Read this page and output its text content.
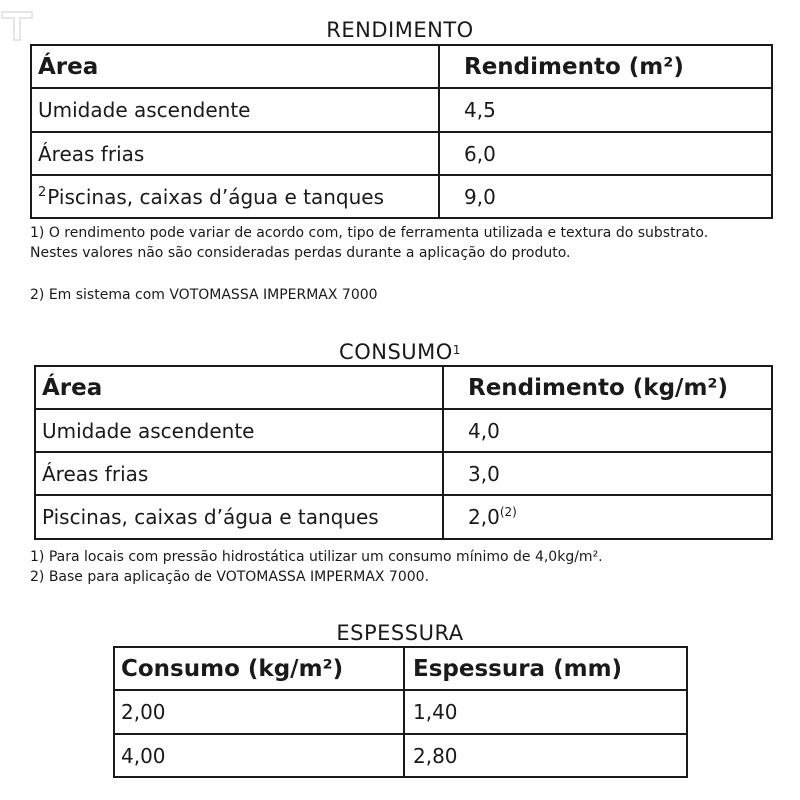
RENDIMENTO
Área	Rendimento (m²)
Umidade ascendente	4,5
Áreas frias	6,0
$^2$Piscinas, caixas d’água e tanques	9,0
1) O rendimento pode variar de acordo com, tipo de ferramenta utilizada e textura do substrato.
Nestes valores não são consideradas perdas durante a aplicação do produto.
2) Em sistema com VOTOMASSA IMPERMAX 7000
CONSUMO$^1$
Área	Rendimento (kg/m²)
Umidade ascendente	4,0
Áreas frias	3,0
Piscinas, caixas d’água e tanques	2,0$^{(2)}$
1) Para locais com pressão hidrostática utilizar um consumo mínimo de 4,0kg/m².
2) Base para aplicação de VOTOMASSA IMPERMAX 7000.
ESPESSURA
Consumo (kg/m²)	Espessura (mm)
2,00	1,40
4,00	2,80
